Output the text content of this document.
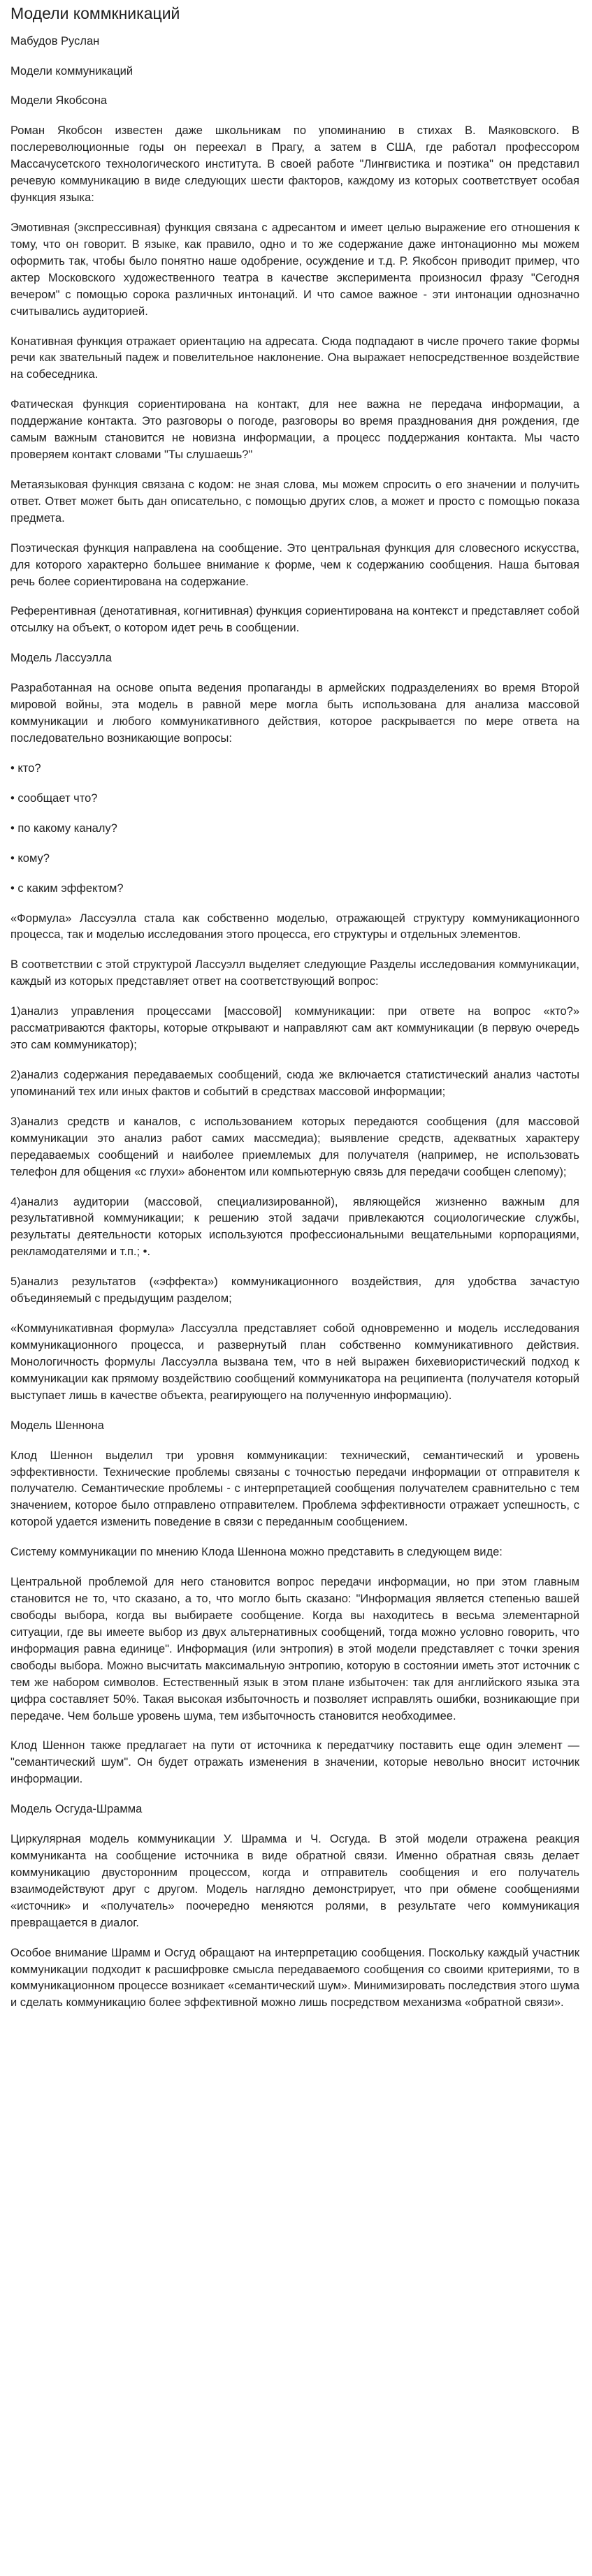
Модели коммкникаций
Мабудов Руслан
Модели коммуникаций
Модели Якобсона

Роман Якобсон известен даже школьникам по упоминанию в стихах В. Маяковского. В послереволюционные годы он переехал в Прагу, а затем в США, где работал профессором Массачусетского технологического института. В своей работе "Лингвистика и поэтика" он представил речевую коммуникацию в виде следующих шести факторов, каждому из которых соответствует особая функция языка:

Эмотивная (экспрессивная) функция связана с адресантом и имеет целью выражение его отношения к тому, что он говорит. В языке, как правило, одно и то же содержание даже интонационно мы можем оформить так, чтобы было понятно наше одобрение, осуждение и т.д. Р. Якобсон приводит пример, что актер Московского художественного театра в качестве эксперимента произносил фразу "Сегодня вечером" с помощью сорока различных интонаций. И что самое важное - эти интонации однозначно считывались аудиторией.

Конативная функция отражает ориентацию на адресата. Сюда подпадают в числе прочего такие формы речи как звательный падеж и повелительное наклонение. Она выражает непосредственное воздействие на собеседника.

Фатическая функция сориентирована на контакт, для нее важна не передача информации, а поддержание контакта. Это разговоры о погоде, разговоры во время празднования дня рождения, где самым важным становится не новизна информации, а процесс поддержания контакта. Мы часто проверяем контакт словами "Ты слушаешь?"

Метаязыковая функция связана с кодом: не зная слова, мы можем спросить о его значении и получить ответ. Ответ может быть дан описательно, с помощью других слов, а может и просто с помощью показа предмета.

Поэтическая функция направлена на сообщение. Это центральная функция для словесного искусства, для которого характерно большее внимание к форме, чем к содержанию сообщения. Наша бытовая речь более сориентирована на содержание.

Референтивная (денотативная, когнитивная) функция сориентирована на контекст и представляет собой отсылку на объект, о котором идет речь в сообщении.

Модель Лассуэлла

Разработанная на основе опыта ведения пропаганды в армейских подразделениях во время Второй мировой войны, эта модель в равной мере могла быть использована для анализа массовой коммуникации и любого коммуникативного действия, которое раскрывается по мере ответа на последовательно возникающие вопросы:

• кто?
• сообщает что?
• по какому каналу?
• кому?
• с каким эффектом?

«Формула» Лассуэлла стала как собственно моделью, отражающей структуру коммуникационного процесса, так и моделью исследования этого процесса, его структуры и отдельных элементов.

В соответствии с этой структурой Лассуэлл выделяет следующие Разделы исследования коммуникации, каждый из которых представляет ответ на соответствующий вопрос:

1)анализ управления процессами [массовой] коммуникации: при ответе на вопрос «кто?» рассматриваются факторы, которые открывают и направляют сам акт коммуникации (в первую очередь это сам коммуникатор);

2)анализ содержания передаваемых сообщений, сюда же включается статистический анализ частоты упоминаний тех или иных фактов и событий в средствах массовой информации;

3)анализ средств и каналов, с использованием которых передаются сообщения (для массовой коммуникации это анализ работ самих массмедиа); выявление средств, адекватных характеру передаваемых сообщений и наиболее приемлемых для получателя (например, не использовать телефон для общения «с глухи» абонентом или компьютерную связь для передачи сообщен слепому);

4)анализ аудитории (массовой, специализированной), являющейся жизненно важным для результативной коммуникации; к решению этой задачи привлекаются социологические службы, результаты деятельности которых используются профессиональными вещательными корпорациями, рекламодателями и т.п.; •.

5)анализ результатов («эффекта») коммуникационного воздействия, для удобства зачастую объединяемый с предыдущим разделом;

«Коммуникативная формула» Лассуэлла представляет собой одновременно и модель исследования коммуникационного процесса, и развернутый план собственно коммуникативного действия. Монологичность формулы Лассуэлла вызвана тем, что в ней выражен бихевиористический подход к коммуникации как прямому воздействию сообщений коммуникатора на реципиента (получателя который выступает лишь в качестве объекта, реагирующего на полученную информацию).

Модель Шеннона

Клод Шеннон выделил три уровня коммуникации: технический, семантический и уровень эффективности. Технические проблемы связаны с точностью передачи информации от отправителя к получателю. Семантические проблемы - с интерпретацией сообщения получателем сравнительно с тем значением, которое было отправлено отправителем. Проблема эффективности отражает успешность, с которой удается изменить поведение в связи с переданным сообщением.

Систему коммуникации по мнению Клода Шеннона можно представить в следующем виде:

Центральной проблемой для него становится вопрос передачи информации, но при этом главным становится не то, что сказано, а то, что могло быть сказано: "Информация является степенью вашей свободы выбора, когда вы выбираете сообщение. Когда вы находитесь в весьма элементарной ситуации, где вы имеете выбор из двух альтернативных сообщений, тогда можно условно говорить, что информация равна единице". Информация (или энтропия) в этой модели представляет с точки зрения свободы выбора. Можно высчитать максимальную энтропию, которую в состоянии иметь этот источник с тем же набором символов. Естественный язык в этом плане избыточен: так для английского языка эта цифра составляет 50%. Такая высокая избыточность и позволяет исправлять ошибки, возникающие при передаче. Чем больше уровень шума, тем избыточность становится необходимее.

Клод Шеннон также предлагает на пути от источника к передатчику поставить еще один элемент — "семантический шум". Он будет отражать изменения в значении, которые невольно вносит источник информации.

Модель Осгуда-Шрамма

Циркулярная модель коммуникации У. Шрамма и Ч. Осгуда. В этой модели отражена реакция коммуниканта на сообщение источника в виде обратной связи. Именно обратная связь делает коммуникацию двусторонним процессом, когда и отправитель сообщения и его получатель взаимодействуют друг с другом. Модель наглядно демонстрирует, что при обмене сообщениями «источник» и «получатель» поочередно меняются ролями, в результате чего коммуникация превращается в диалог.

Особое внимание Шрамм и Осгуд обращают на интерпретацию сообщения. Поскольку каждый участник коммуникации подходит к расшифровке смысла передаваемого сообщения со своими критериями, то в коммуникационном процессе возникает «семантический шум». Минимизировать последствия этого шума и сделать коммуникацию более эффективной можно лишь посредством механизма «обратной связи».
